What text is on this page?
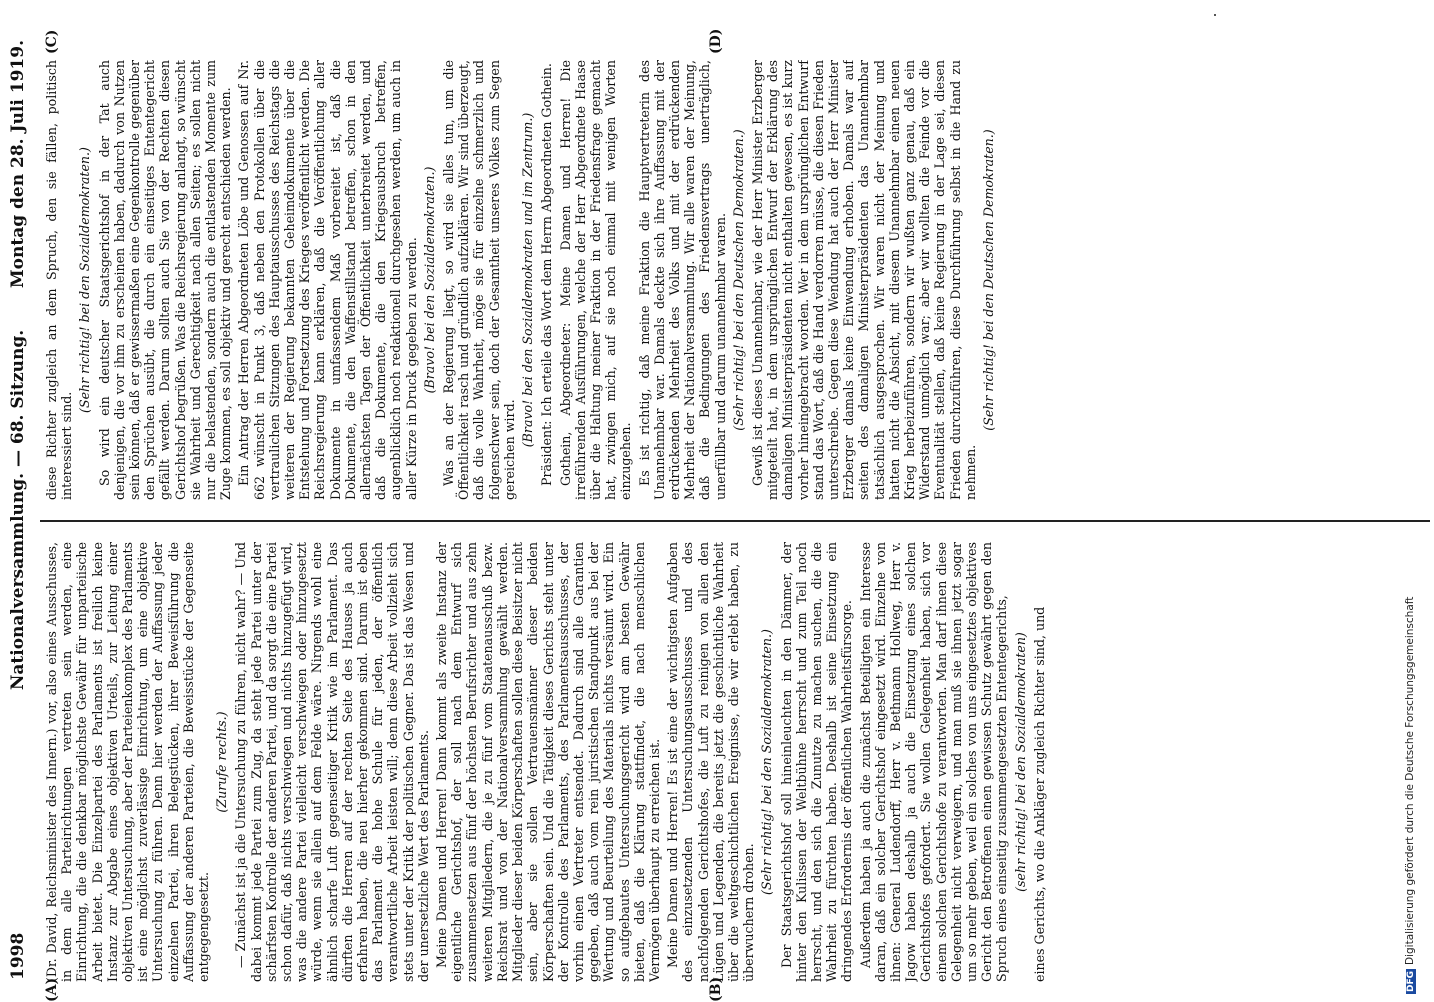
1998
Nationalversammlung. — 68. Sitzung.
Montag den 28. Juli 1919.
(A)	(B)
(C)	(D)

(Dr. David, Reichsminister des Innern.) vor, also eines Ausschusses, in dem alle Parteirichtungen vertreten sein werden, eine Einrichtung, die die denkbar möglichste Gewähr für unparteiische Arbeit bietet. Die Einzelpartei des Parlaments ist freilich keine Instanz zur Abgabe eines objektiven Urteils, zur Leitung einer objektiven Untersuchung, aber der Parteienkomplex des Parlaments ist eine möglichst zuverlässige Einrichtung, um eine objektive Untersuchung zu führen. Denn hier werden der Auffassung jeder einzelnen Partei, ihren Belegstücken, ihrer Beweisführung die Auffassung der anderen Parteien, die Beweisstücke der Gegenseite entgegengesetzt.

(Zurufe rechts.) — Zunächst ist ja die Untersuchung zu führen, nicht wahr? — Und dabei kommt jede Partei zum Zug, da steht jede Partei unter der schärfsten Kontrolle der anderen Partei, und da sorgt die eine Partei schon dafür, daß nichts verschwiegen und nichts hinzugefügt wird, was die andere Partei vielleicht verschwiegen oder hinzugesetzt würde, wenn sie allein auf dem Felde wäre. Nirgends wohl eine ähnlich scharfe Luft gegenseitiger Kritik wie im Parlament. Das dürften die Herren auf der rechten Seite des Hauses ja auch erfahren haben, die neu hierher gekommen sind. Darum ist eben das Parlament die hohe Schule für jeden, der öffentlich verantwortliche Arbeit leisten will; denn diese Arbeit vollzieht sich stets unter der Kritik der politischen Gegner. Das ist das Wesen und der unersetzliche Wert des Parlaments. Meine Damen und Herren! Dann kommt als zweite Instanz der eigentliche Gerichtshof, der soll nach dem Entwurf sich zusammensetzen aus fünf der höchsten Berufsrichter und aus zehn weiteren Mitgliedern, die je zu fünf vom Staatenausschuß bezw. Reichsrat und von der Nationalversammlung gewählt werden. Mitglieder dieser beiden Körperschaften sollen diese Beisitzer nicht sein, aber sie sollen Vertrauensmänner dieser beiden Körperschaften sein. Und die Tätigkeit dieses Gerichts steht unter der Kontrolle des Parlaments, des Parlamentsausschusses, der vorhin einen Vertreter entsendet. Dadurch sind alle Garantien gegeben, daß auch vom rein juristischen Standpunkt aus bei der Wertung und Beurteilung des Materials nichts versäumt wird. Ein so aufgebautes Untersuchungsgericht wird am besten Gewähr bieten, daß die Klärung stattfindet, die nach menschlichen Vermögen überhaupt zu erreichen ist. Meine Damen und Herren! Es ist eine der wichtigsten Aufgaben des einzusetzenden Untersuchungsausschusses und des nachfolgenden Gerichtshofes, die Luft zu reinigen von allen den Lügen und Legenden, die bereits jetzt die geschichtliche Wahrheit über die weltgeschichtlichen Ereignisse, die wir erlebt haben, zu überwuchern drohen.

(Sehr richtig! bei den Sozialdemokraten.) Der Staatsgerichtshof soll hineinleuchten in den Dämmer, der hinter den Kulissen der Weltbühne herrscht und zum Teil noch herrscht, und den sich die Zunutze zu machen suchen, die die Wahrheit zu fürchten haben. Deshalb ist seine Einsetzung ein dringendes Erfordernis der öffentlichen Wahrheitsfürsorge. Außerdem haben ja auch die zunächst Beteiligten ein Interesse daran, daß ein solcher Gerichtshof eingesetzt wird. Einzelne von ihnen: General Ludendorff, Herr v. Bethmann Hollweg, Herr v. Jagow haben deshalb ja auch die Einsetzung eines solchen Gerichtshofes gefordert. Sie wollen Gelegenheit haben, sich vor einem solchen Gerichtshofe zu verantworten. Man darf ihnen diese Gelegenheit nicht verweigern, und man muß sie ihnen jetzt sogar um so mehr geben, weil ein solches von uns eingesetztes objektives Gericht den Betroffenen einen gewissen Schutz gewährt gegen den Spruch eines einseitig zusammengesetzten Ententegerichts, (sehr richtig! bei den Sozialdemokraten) eines Gerichts, wo die Ankläger zugleich Richter sind, und

diese Richter zugleich an dem Spruch, den sie fällen, politisch interessiert sind.

(Sehr richtig! bei den Sozialdemokraten.) So wird ein deutscher Staatsgerichtshof in der Tat auch denjenigen, die vor ihm zu erscheinen haben, dadurch von Nutzen sein können, daß er gewissermaßen eine Gegenkontrolle gegenüber den Sprüchen ausübt, die durch ein einseitiges Ententegericht gefällt werden. Darum sollten auch Sie von der Rechten diesen Gerichtshof begrüßen. Was die Reichsregierung anlangt, so wünscht sie Wahrheit und Gerechtigkeit nach allen Seiten; es sollen nicht nur die belastenden, sondern auch die entlastenden Momente zum Zuge kommen, es soll objektiv und gerecht entschieden werden. Ein Antrag der Herren Abgeordneten Löbe und Genossen auf Nr. 662 wünscht in Punkt 3, daß neben den Protokollen über die vertraulichen Sitzungen des Hauptausschusses des Reichstags die weiteren der Regierung bekannten Geheimdokumente über die Entstehung und Fortsetzung des Krieges veröffentlicht werden. Die Reichsregierung kann erklären, daß die Veröffentlichung aller Dokumente in umfassendem Maß vorbereitet ist, daß die Dokumente, die den Waffenstillstand betreffen, schon in den allernächsten Tagen der Öffentlichkeit unterbreitet werden, und daß die Dokumente, die den Kriegsausbruch betreffen, augenblicklich noch redaktionell durchgesehen werden, um auch in aller Kürze in Druck gegeben zu werden. (Bravo! bei den Sozialdemokraten.) Was an der Regierung liegt, so wird sie alles tun, um die Öffentlichkeit rasch und gründlich aufzuklären. Wir sind überzeugt, daß die volle Wahrheit, möge sie für einzelne schmerzlich und folgenschwer sein, doch der Gesamtheit unseres Volkes zum Segen gereichen wird.

(Bravo! bei den Sozialdemokraten und im Zentrum.) Präsident: Ich erteile das Wort dem Herrn Abgeordneten Gothein. Gothein, Abgeordneter: Meine Damen und Herren! Die irreführenden Ausführungen, welche der Herr Abgeordnete Haase über die Haltung meiner Fraktion in der Friedensfrage gemacht hat, zwingen mich, auf sie noch einmal mit wenigen Worten einzugehen. Es ist richtig, daß meine Fraktion die Hauptvertreterin des Unannehmbar war. Damals deckte sich ihre Auffassung mit der erdrückenden Mehrheit des Volks und mit der erdrückenden Mehrheit der Nationalversammlung. Wir alle waren der Meinung, daß die Bedingungen des Friedensvertrags unerträglich, unerfüllbar und darum unannehmbar waren. (Sehr richtig! bei den Deutschen Demokraten.) Gewiß ist dieses Unannehmbar, wie der Herr Minister Erzberger mitgeteilt hat, in dem ursprünglichen Entwurf der Erklärung des damaligen Ministerpräsidenten nicht enthalten gewesen, es ist kurz vorher hineingebracht worden. Wer in dem ursprünglichen Entwurf stand das Wort, daß die Hand verdorren müsse, die diesen Frieden unterschreibe. Gegen diese Wendung hat auch der Herr Minister Erzberger damals keine Einwendung erhoben. Damals war auf seiten des damaligen Ministerpräsidenten das Unannehmbar tatsächlich ausgesprochen. Wir waren nicht der Meinung und hatten nicht die Absicht, mit diesem Unannehmbar einen neuen Krieg herbeizuführen, sondern wir wußten ganz genau, daß ein Widerstand unmöglich war; aber wir wollten die Feinde vor die Eventualität stellen, daß keine Regierung in der Lage sei, diesen Frieden durchzuführen, diese Durchführung selbst in die Hand zu nehmen.

(Sehr richtig! bei den Deutschen Demokraten.)

DFGDigitalisierung gefördert durch die Deutsche Forschungsgemeinschaft
